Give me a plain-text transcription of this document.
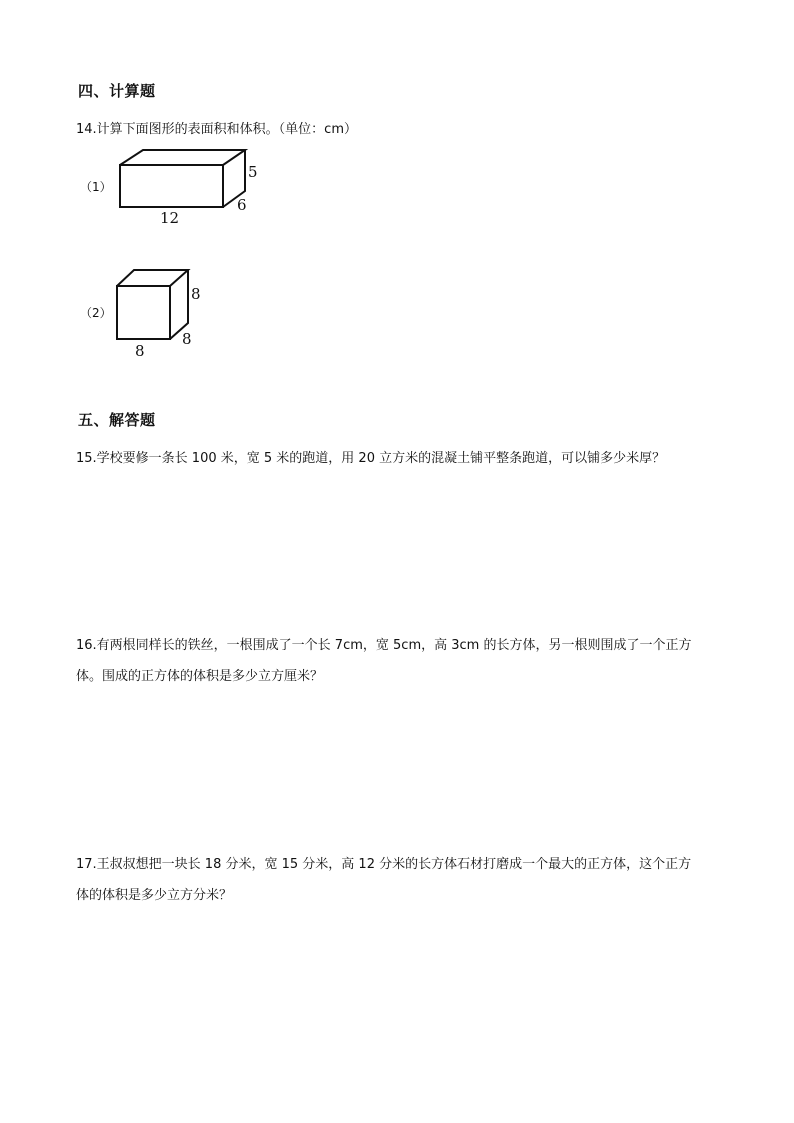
四、计算题
14.计算下面图形的表面积和体积。（单位：cm）
（1）
12
6
5
（2）
8
8
8
五、解答题
15.学校要修一条长 100 米，宽 5 米的跑道，用 20 立方米的混凝土铺平整条跑道，可以铺多少米厚？
16.有两根同样长的铁丝，一根围成了一个长 7cm，宽 5cm，高 3cm 的长方体，另一根则围成了一个正方
体。围成的正方体的体积是多少立方厘米？
17.王叔叔想把一块长 18 分米，宽 15 分米，高 12 分米的长方体石材打磨成一个最大的正方体，这个正方
体的体积是多少立方分米？
